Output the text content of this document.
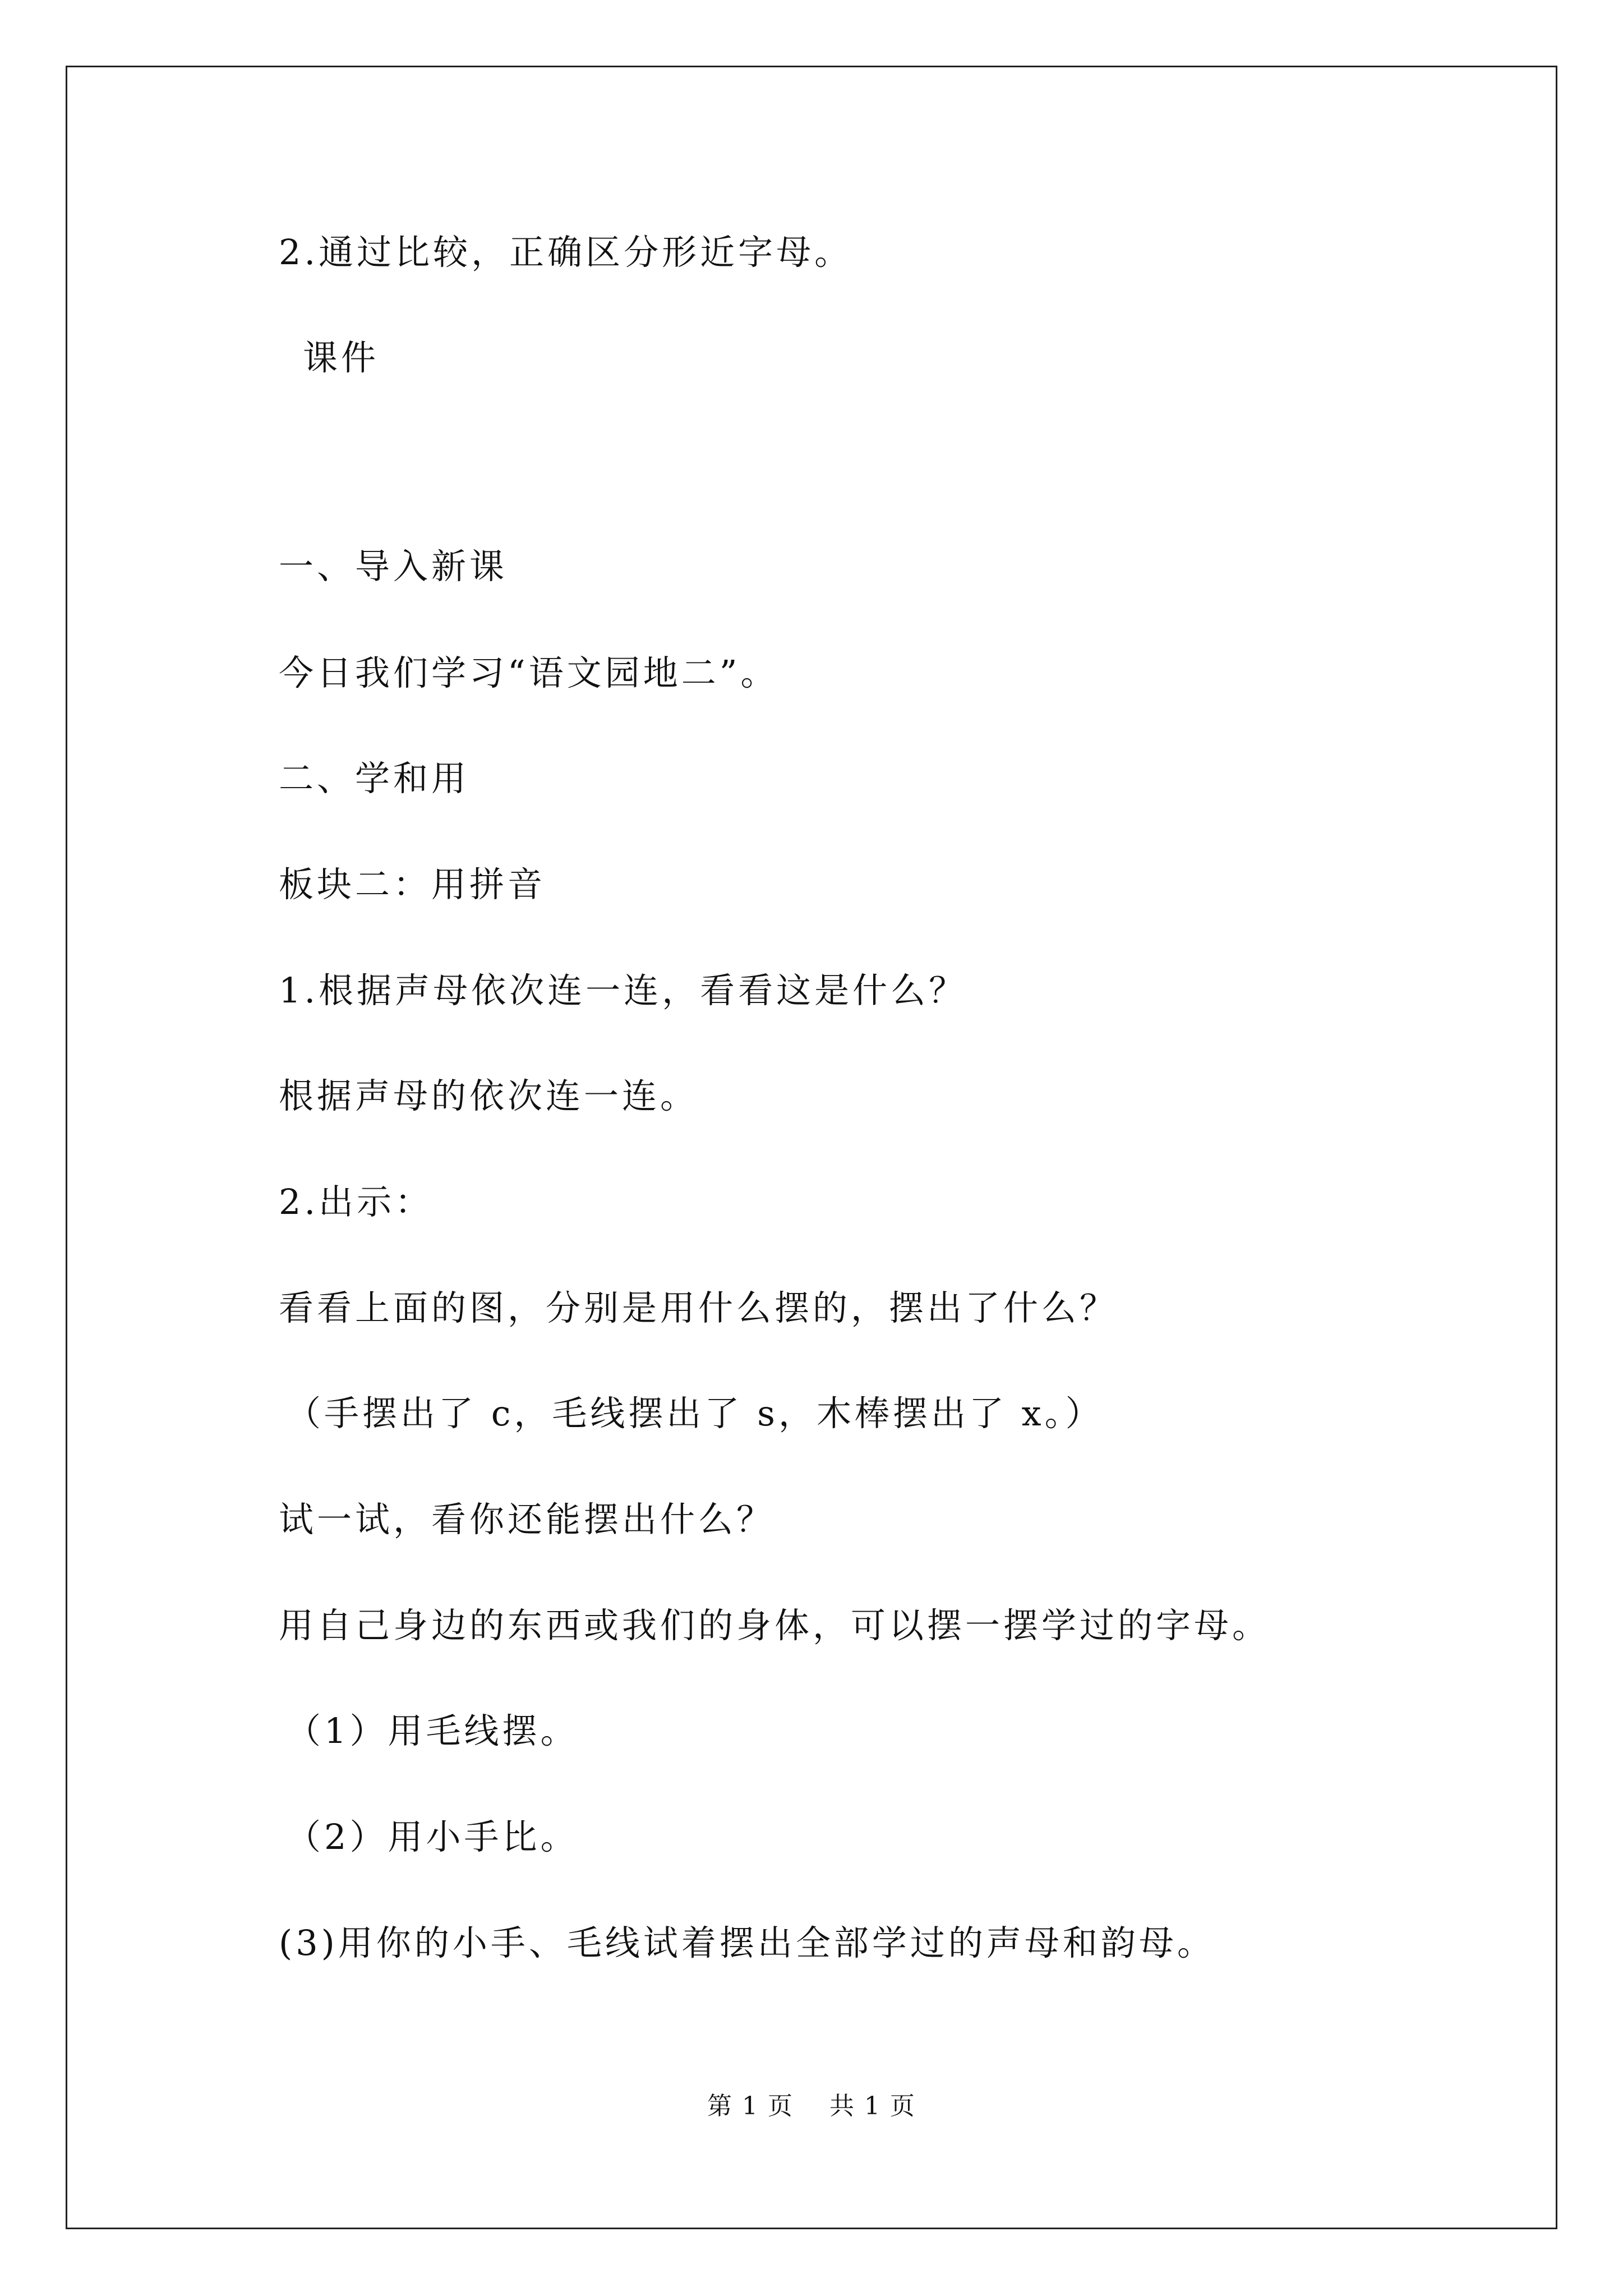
2.通过比较，正确区分形近字母。
课件
一、导入新课
今日我们学习“语文园地二”。
二、学和用
板块二：用拼音
1.根据声母依次连一连，看看这是什么？
根据声母的依次连一连。
2.出示：
看看上面的图，分别是用什么摆的，摆出了什么？
（手摆出了 c，毛线摆出了 s，木棒摆出了 x。）
试一试，看你还能摆出什么？
用自己身边的东西或我们的身体，可以摆一摆学过的字母。
（1）用毛线摆。
（2）用小手比。
(3)用你的小手、毛线试着摆出全部学过的声母和韵母。
第 1 页    共 1 页
